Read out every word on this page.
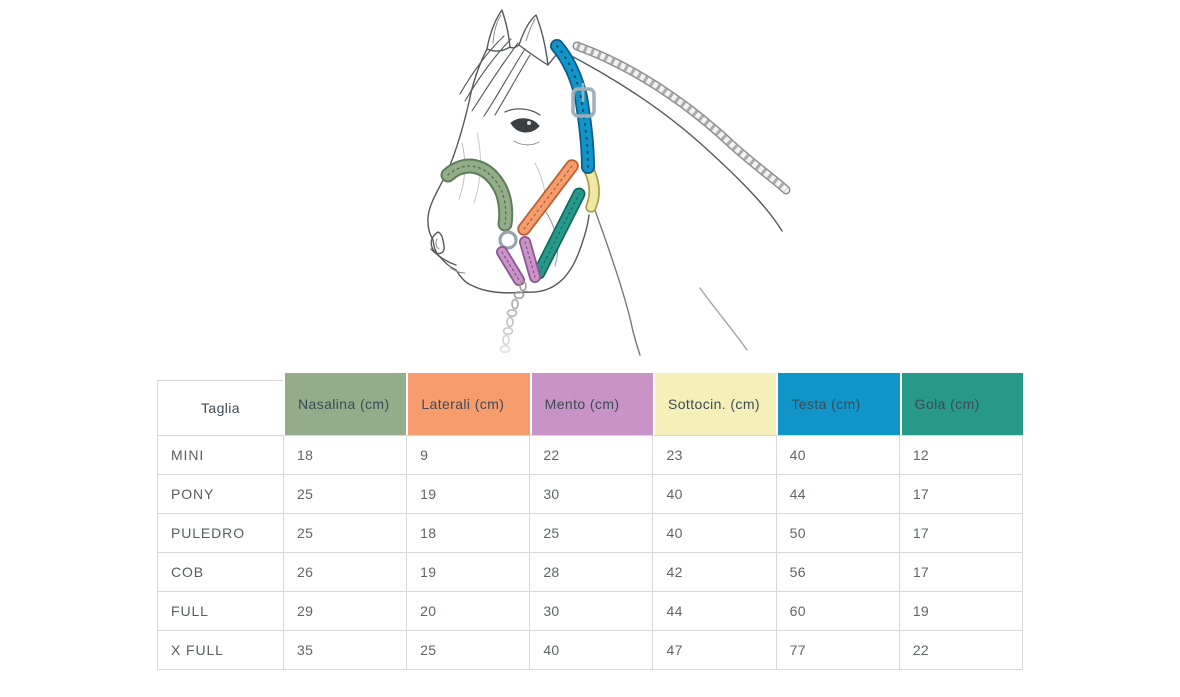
Taglia	Nasalina (cm)	Laterali (cm)	Mento (cm)	Sottocin. (cm)	Testa (cm)	Gola (cm)
MINI	18	9	22	23	40	12
PONY	25	19	30	40	44	17
PULEDRO	25	18	25	40	50	17
COB	26	19	28	42	56	17
FULL	29	20	30	44	60	19
X FULL	35	25	40	47	77	22
